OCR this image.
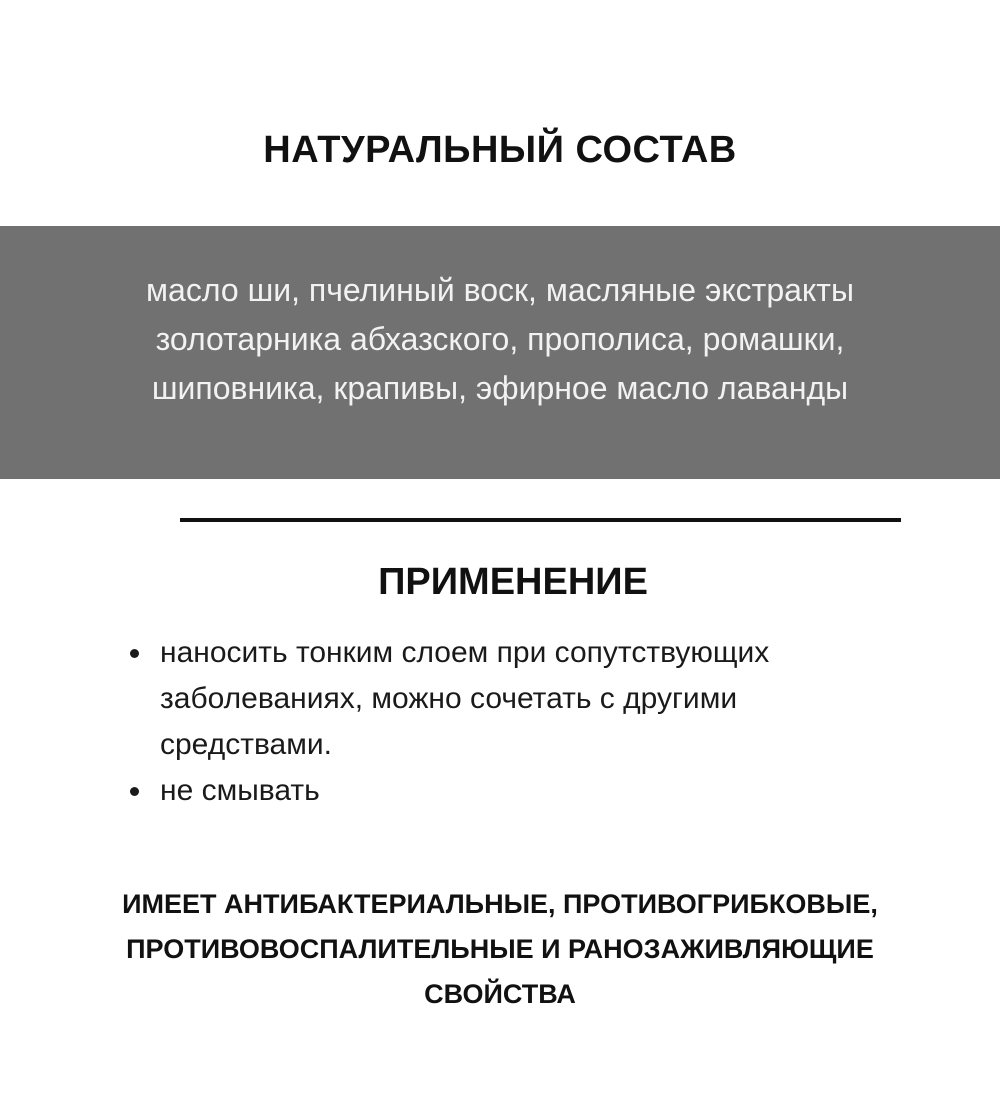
НАТУРАЛЬНЫЙ СОСТАВ
масло ши, пчелиный воск, масляные экстракты
золотарника абхазского, прополиса, ромашки,
шиповника, крапивы, эфирное масло лаванды
ПРИМЕНЕНИЕ
наносить тонким слоем при сопутствующих
заболеваниях, можно сочетать с другими
средствами.
не смывать
ИМЕЕТ АНТИБАКТЕРИАЛЬНЫЕ, ПРОТИВОГРИБКОВЫЕ,
ПРОТИВОВОСПАЛИТЕЛЬНЫЕ И РАНОЗАЖИВЛЯЮЩИЕ
СВОЙСТВА
